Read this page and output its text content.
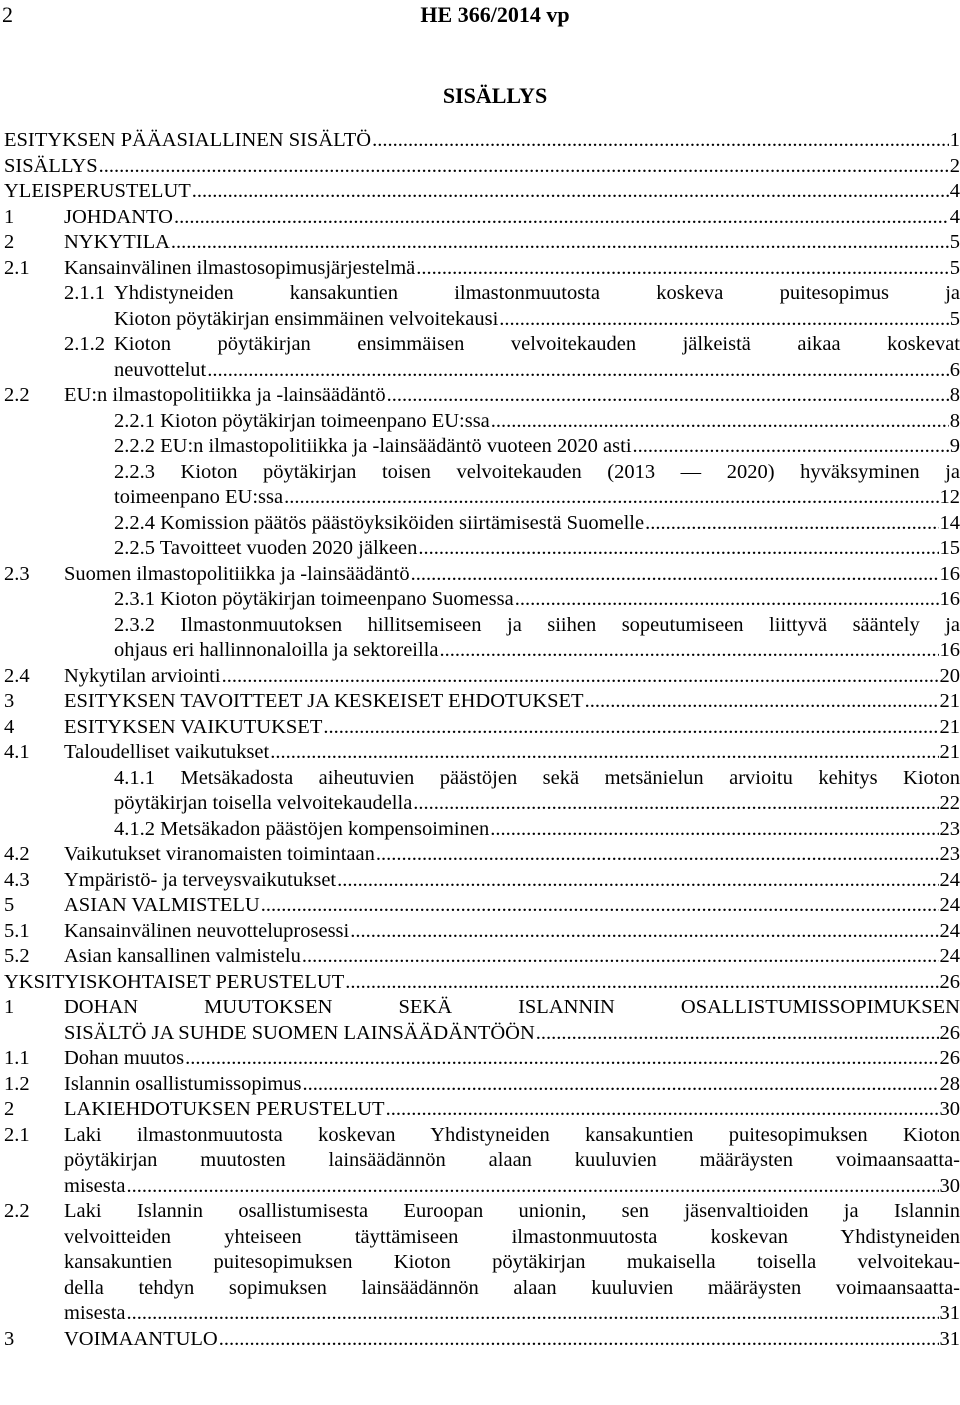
2	HE 366/2014 vp
SISÄLLYS
ESITYKSEN PÄÄASIALLINEN SISÄLTÖ .....	1
SISÄLLYS .....	2
YLEISPERUSTELUT .....	4
1 JOHDANTO .....	4
2 NYKYTILA .....	5
2.1 Kansainvälinen ilmastosopimusjärjestelmä .....	5
2.1.1 Yhdistyneiden kansakuntien ilmastonmuutosta koskeva puitesopimus ja
Kioton pöytäkirjan ensimmäinen velvoitekausi .....	5
2.1.2 Kioton pöytäkirjan ensimmäisen velvoitekauden jälkeistä aikaa koskevat
neuvottelut .....	6
2.2 EU:n ilmastopolitiikka ja -lainsäädäntö .....	8
2.2.1 Kioton pöytäkirjan toimeenpano EU:ssa .....	8
2.2.2 EU:n ilmastopolitiikka ja -lainsäädäntö vuoteen 2020 asti .....	9
2.2.3 Kioton pöytäkirjan toisen velvoitekauden (2013 — 2020) hyväksyminen ja
toimeenpano EU:ssa .....	12
2.2.4 Komission päätös päästöyksiköiden siirtämisestä Suomelle .....	14
2.2.5 Tavoitteet vuoden 2020 jälkeen .....	15
2.3 Suomen ilmastopolitiikka ja -lainsäädäntö .....	16
2.3.1 Kioton pöytäkirjan toimeenpano Suomessa .....	16
2.3.2 Ilmastonmuutoksen hillitsemiseen ja siihen sopeutumiseen liittyvä sääntely ja
ohjaus eri hallinnonaloilla ja sektoreilla .....	16
2.4 Nykytilan arviointi .....	20
3 ESITYKSEN TAVOITTEET JA KESKEISET EHDOTUKSET .....	21
4 ESITYKSEN VAIKUTUKSET .....	21
4.1 Taloudelliset vaikutukset .....	21
4.1.1 Metsäkadosta aiheutuvien päästöjen sekä metsänielun arvioitu kehitys Kioton
pöytäkirjan toisella velvoitekaudella .....	22
4.1.2 Metsäkadon päästöjen kompensoiminen .....	23
4.2 Vaikutukset viranomaisten toimintaan .....	23
4.3 Ympäristö- ja terveysvaikutukset .....	24
5 ASIAN VALMISTELU .....	24
5.1 Kansainvälinen neuvotteluprosessi .....	24
5.2 Asian kansallinen valmistelu .....	24
YKSITYISKOHTAISET PERUSTELUT .....	26
1 DOHAN MUUTOKSEN SEKÄ ISLANNIN OSALLISTUMISSOPIMUKSEN
SISÄLTÖ JA SUHDE SUOMEN LAINSÄÄDÄNTÖÖN .....	26
1.1 Dohan muutos .....	26
1.2 Islannin osallistumissopimus .....	28
2 LAKIEHDOTUKSEN PERUSTELUT .....	30
2.1 Laki ilmastonmuutosta koskevan Yhdistyneiden kansakuntien puitesopimuksen Kioton
pöytäkirjan muutosten lainsäädännön alaan kuuluvien määräysten voimaansaatta-
misesta .....	30
2.2 Laki Islannin osallistumisesta Euroopan unionin, sen jäsenvaltioiden ja Islannin
velvoitteiden yhteiseen täyttämiseen ilmastonmuutosta koskevan Yhdistyneiden
kansakuntien puitesopimuksen Kioton pöytäkirjan mukaisella toisella velvoitekau-
della tehdyn sopimuksen lainsäädännön alaan kuuluvien määräysten voimaansaatta-
misesta .....	31
3 VOIMAANTULO .....	31
